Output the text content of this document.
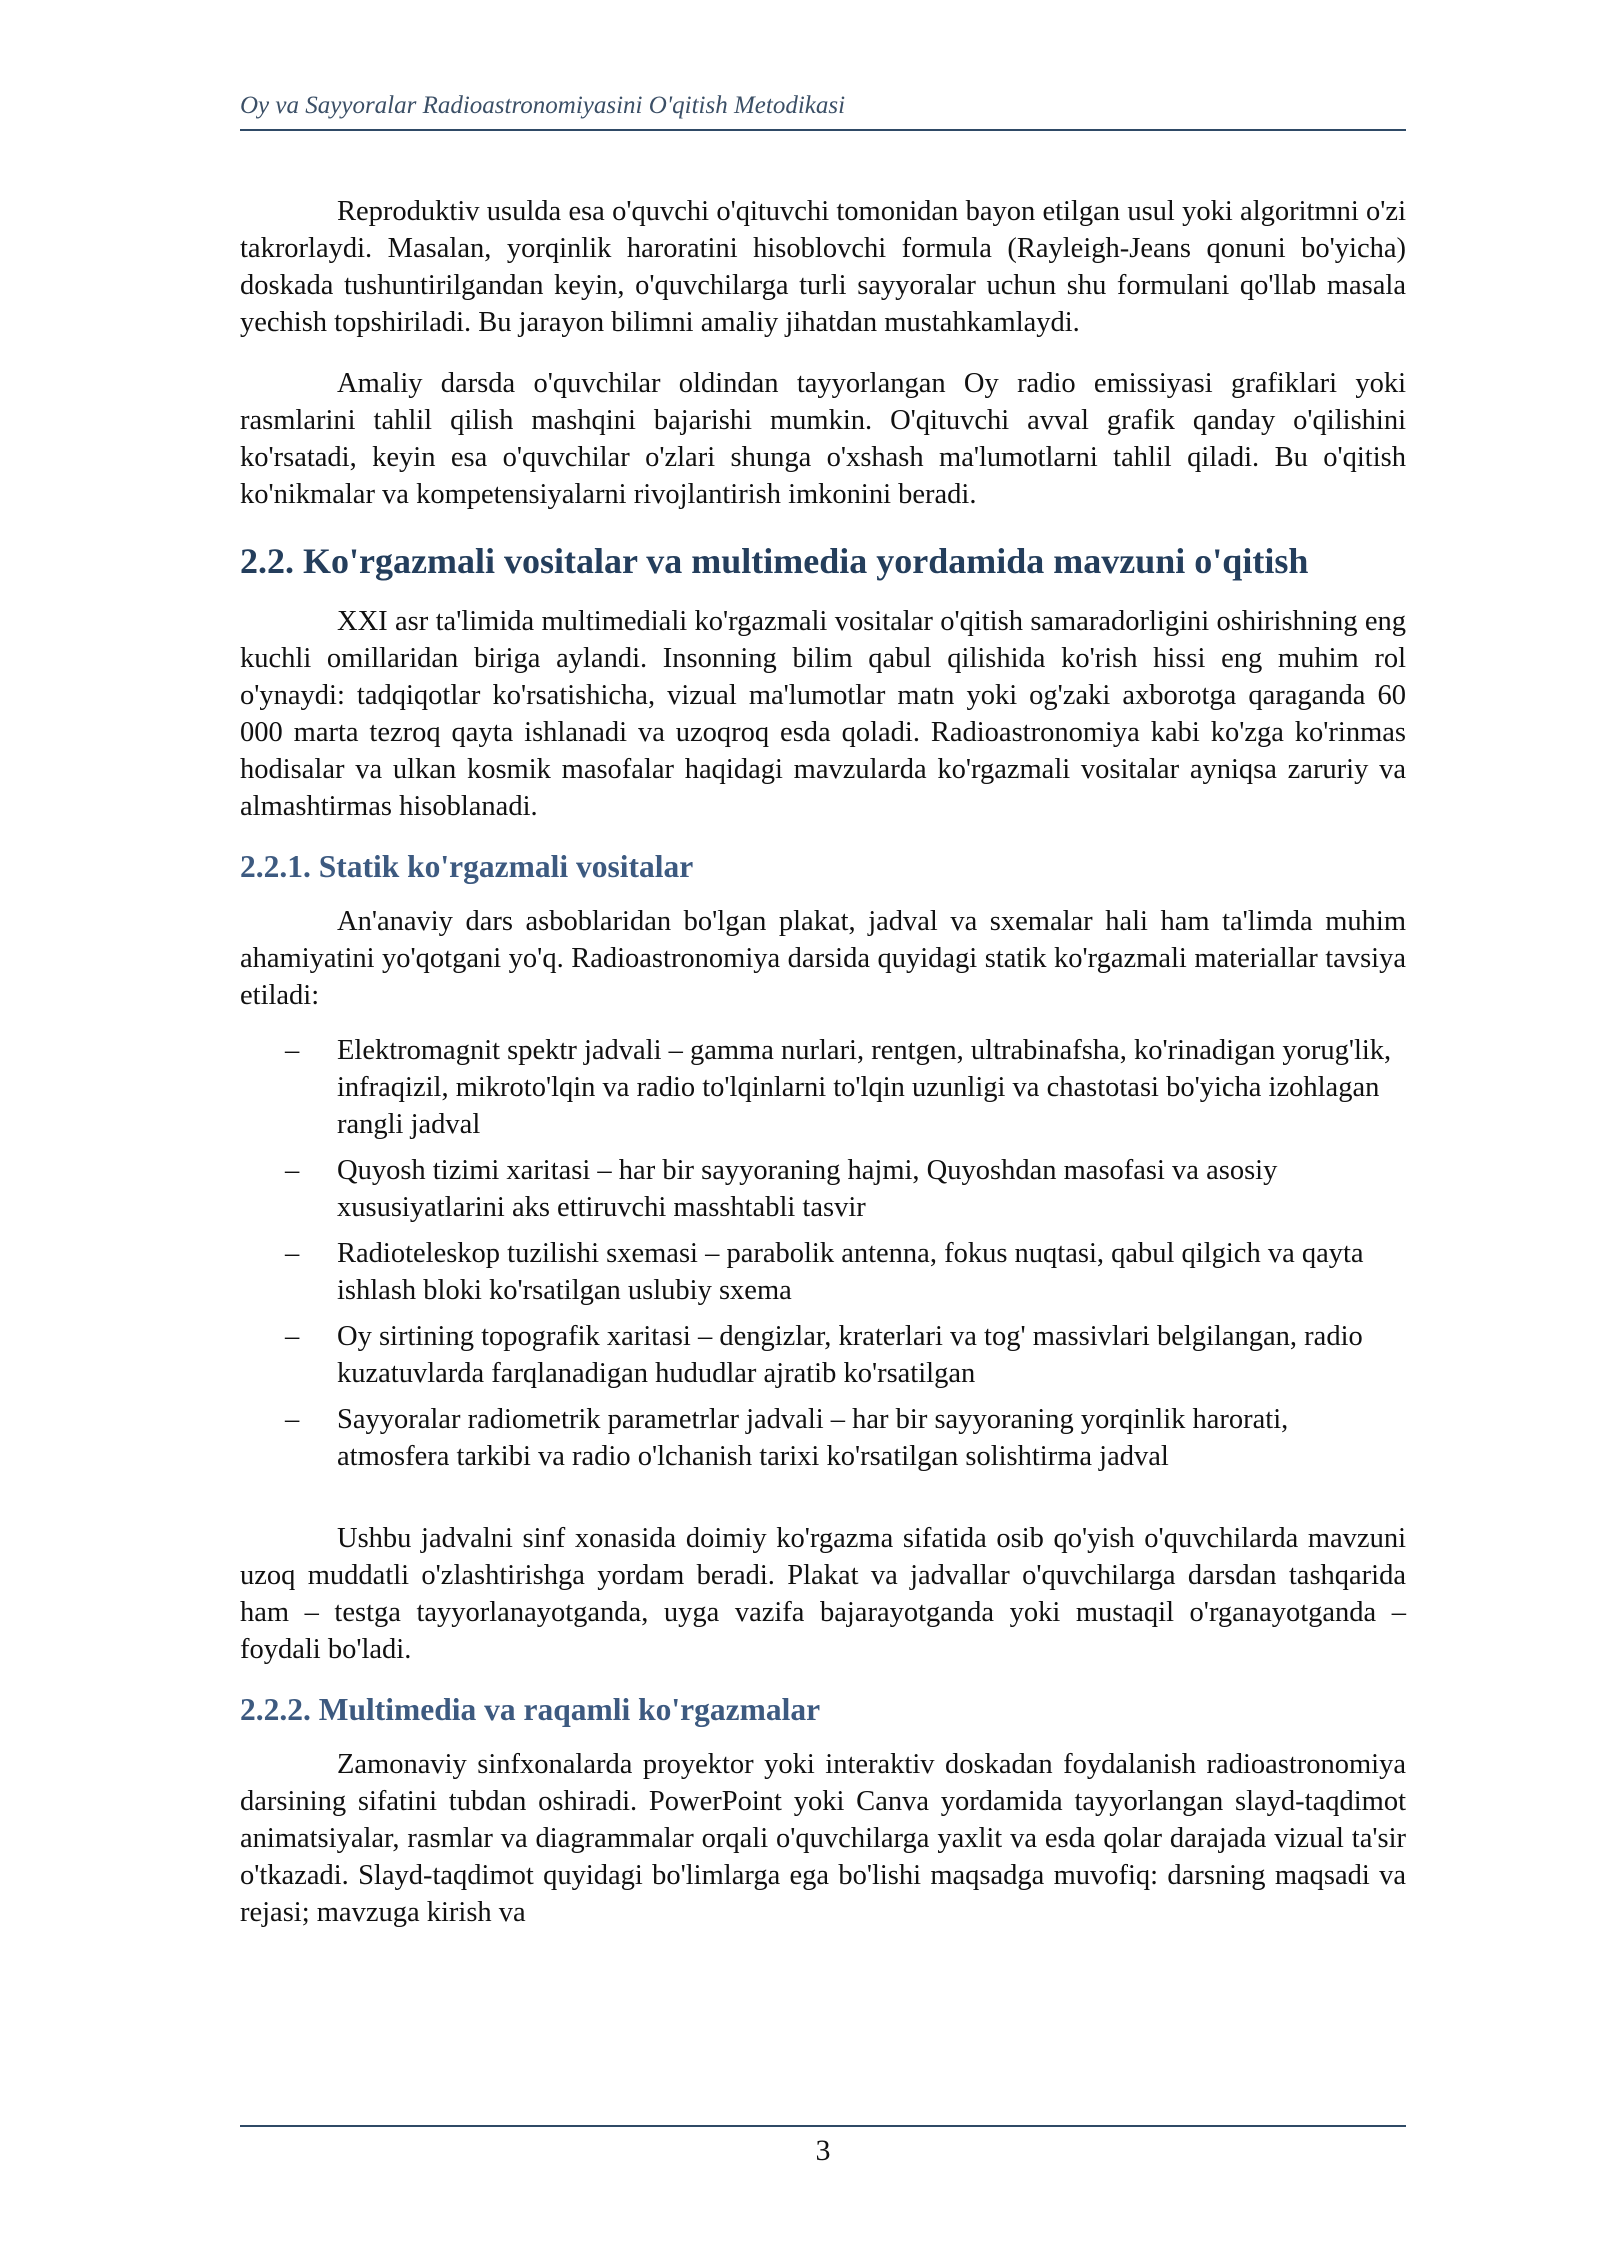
Oy va Sayyoralar Radioastronomiyasini O'qitish Metodikasi

Reproduktiv usulda esa o'quvchi o'qituvchi tomonidan bayon etilgan usul yoki algoritmni o'zi takrorlaydi. Masalan, yorqinlik haroratini hisoblovchi formula (Rayleigh-Jeans qonuni bo'yicha) doskada tushuntirilgandan keyin, o'quvchilarga turli sayyoralar uchun shu formulani qo'llab masala yechish topshiriladi. Bu jarayon bilimni amaliy jihatdan mustahkamlaydi.

Amaliy darsda o'quvchilar oldindan tayyorlangan Oy radio emissiyasi grafiklari yoki rasmlarini tahlil qilish mashqini bajarishi mumkin. O'qituvchi avval grafik qanday o'qilishini ko'rsatadi, keyin esa o'quvchilar o'zlari shunga o'xshash ma'lumotlarni tahlil qiladi. Bu o'qitish ko'nikmalar va kompetensiyalarni rivojlantirish imkonini beradi.

2.2. Ko'rgazmali vositalar va multimedia yordamida mavzuni o'qitish

XXI asr ta'limida multimediali ko'rgazmali vositalar o'qitish samaradorligini oshirishning eng kuchli omillaridan biriga aylandi. Insonning bilim qabul qilishida ko'rish hissi eng muhim rol o'ynaydi: tadqiqotlar ko'rsatishicha, vizual ma'lumotlar matn yoki og'zaki axborotga qaraganda 60 000 marta tezroq qayta ishlanadi va uzoqroq esda qoladi. Radioastronomiya kabi ko'zga ko'rinmas hodisalar va ulkan kosmik masofalar haqidagi mavzularda ko'rgazmali vositalar ayniqsa zaruriy va almashtirmas hisoblanadi.

2.2.1. Statik ko'rgazmali vositalar

An'anaviy dars asboblaridan bo'lgan plakat, jadval va sxemalar hali ham ta'limda muhim ahamiyatini yo'qotgani yo'q. Radioastronomiya darsida quyidagi statik ko'rgazmali materiallar tavsiya etiladi:

– Elektromagnit spektr jadvali – gamma nurlari, rentgen, ultrabinafsha, ko'rinadigan yorug'lik, infraqizil, mikroto'lqin va radio to'lqinlarni to'lqin uzunligi va chastotasi bo'yicha izohlagan rangli jadval
– Quyosh tizimi xaritasi – har bir sayyoraning hajmi, Quyoshdan masofasi va asosiy xususiyatlarini aks ettiruvchi masshtabli tasvir
– Radioteleskop tuzilishi sxemasi – parabolik antenna, fokus nuqtasi, qabul qilgich va qayta ishlash bloki ko'rsatilgan uslubiy sxema
– Oy sirtining topografik xaritasi – dengizlar, kraterlari va tog' massivlari belgilangan, radio kuzatuvlarda farqlanadigan hududlar ajratib ko'rsatilgan
– Sayyoralar radiometrik parametrlar jadvali – har bir sayyoraning yorqinlik harorati, atmosfera tarkibi va radio o'lchanish tarixi ko'rsatilgan solishtirma jadval

Ushbu jadvalni sinf xonasida doimiy ko'rgazma sifatida osib qo'yish o'quvchilarda mavzuni uzoq muddatli o'zlashtirishga yordam beradi. Plakat va jadvallar o'quvchilarga darsdan tashqarida ham – testga tayyorlanayotganda, uyga vazifa bajarayotganda yoki mustaqil o'rganayotganda – foydali bo'ladi.

2.2.2. Multimedia va raqamli ko'rgazmalar

Zamonaviy sinfxonalarda proyektor yoki interaktiv doskadan foydalanish radioastronomiya darsining sifatini tubdan oshiradi. PowerPoint yoki Canva yordamida tayyorlangan slayd-taqdimot animatsiyalar, rasmlar va diagrammalar orqali o'quvchilarga yaxlit va esda qolar darajada vizual ta'sir o'tkazadi. Slayd-taqdimot quyidagi bo'limlarga ega bo'lishi maqsadga muvofiq: darsning maqsadi va rejasi; mavzuga kirish va

3
